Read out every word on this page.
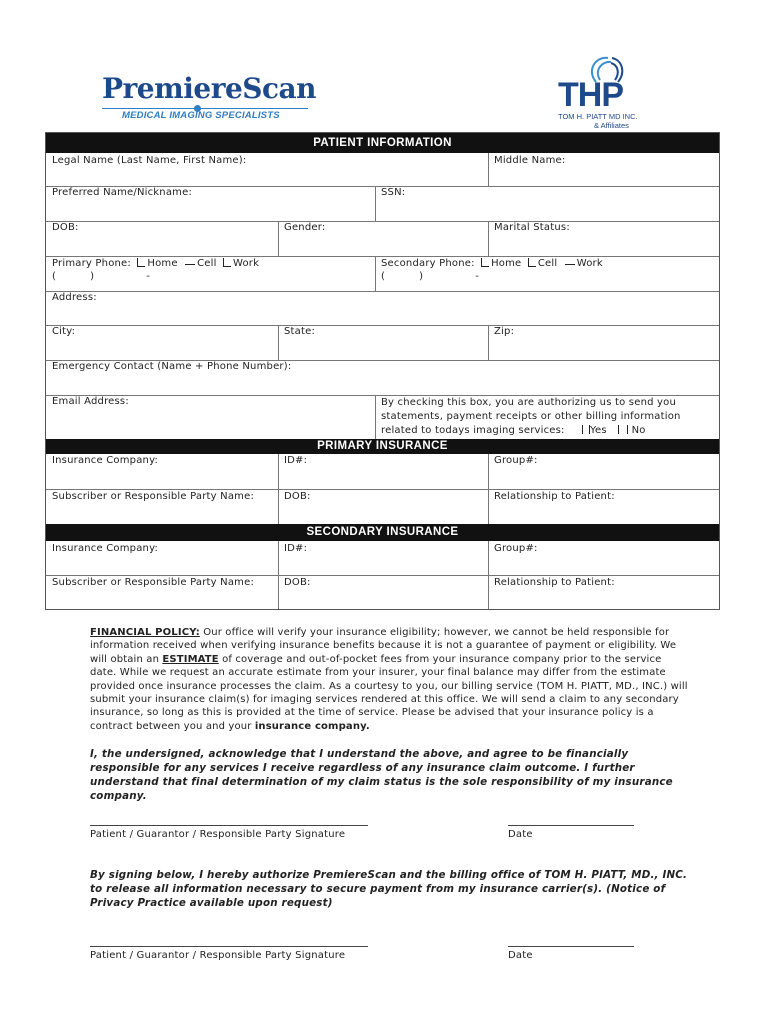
PremiereScan
MEDICAL IMAGING SPECIALISTS
THP
TOM H. PIATT MD INC.
& Affiliates
PATIENT INFORMATION
Legal Name (Last Name, First Name):	Middle Name:
Preferred Name/Nickname:	SSN:
DOB:	Gender:	Marital Status:
Primary Phone: Home Cell Work
(	)	-
Secondary Phone: Home Cell Work
(	)	-
Address:
City:	State:	Zip:
Emergency Contact (Name + Phone Number):
Email Address:	By checking this box, you are authorizing us to send you
statements, payment receipts or other billing information
related to todays imaging services:	Yes No
PRIMARY INSURANCE
Insurance Company:	ID#:	Group#:
Subscriber or Responsible Party Name:	DOB:	Relationship to Patient:
SECONDARY INSURANCE
Insurance Company:	ID#:	Group#:
Subscriber or Responsible Party Name:	DOB:	Relationship to Patient:
FINANCIAL POLICY: Our office will verify your insurance eligibility; however, we cannot be held responsible for information received when verifying insurance benefits because it is not a guarantee of payment or eligibility. We will obtain an ESTIMATE of coverage and out-of-pocket fees from your insurance company prior to the service date. While we request an accurate estimate from your insurer, your final balance may differ from the estimate provided once insurance processes the claim. As a courtesy to you, our billing service (TOM H. PIATT, MD., INC.) will submit your insurance claim(s) for imaging services rendered at this office. We will send a claim to any secondary insurance, so long as this is provided at the time of service. Please be advised that your insurance policy is a contract between you and your insurance company.
I, the undersigned, acknowledge that I understand the above, and agree to be financially responsible for any services I receive regardless of any insurance claim outcome. I further understand that final determination of my claim status is the sole responsibility of my insurance company.
Patient / Guarantor / Responsible Party Signature	Date
By signing below, I hereby authorize PremiereScan and the billing office of TOM H. PIATT, MD., INC. to release all information necessary to secure payment from my insurance carrier(s). (Notice of Privacy Practice available upon request)
Patient / Guarantor / Responsible Party Signature	Date
